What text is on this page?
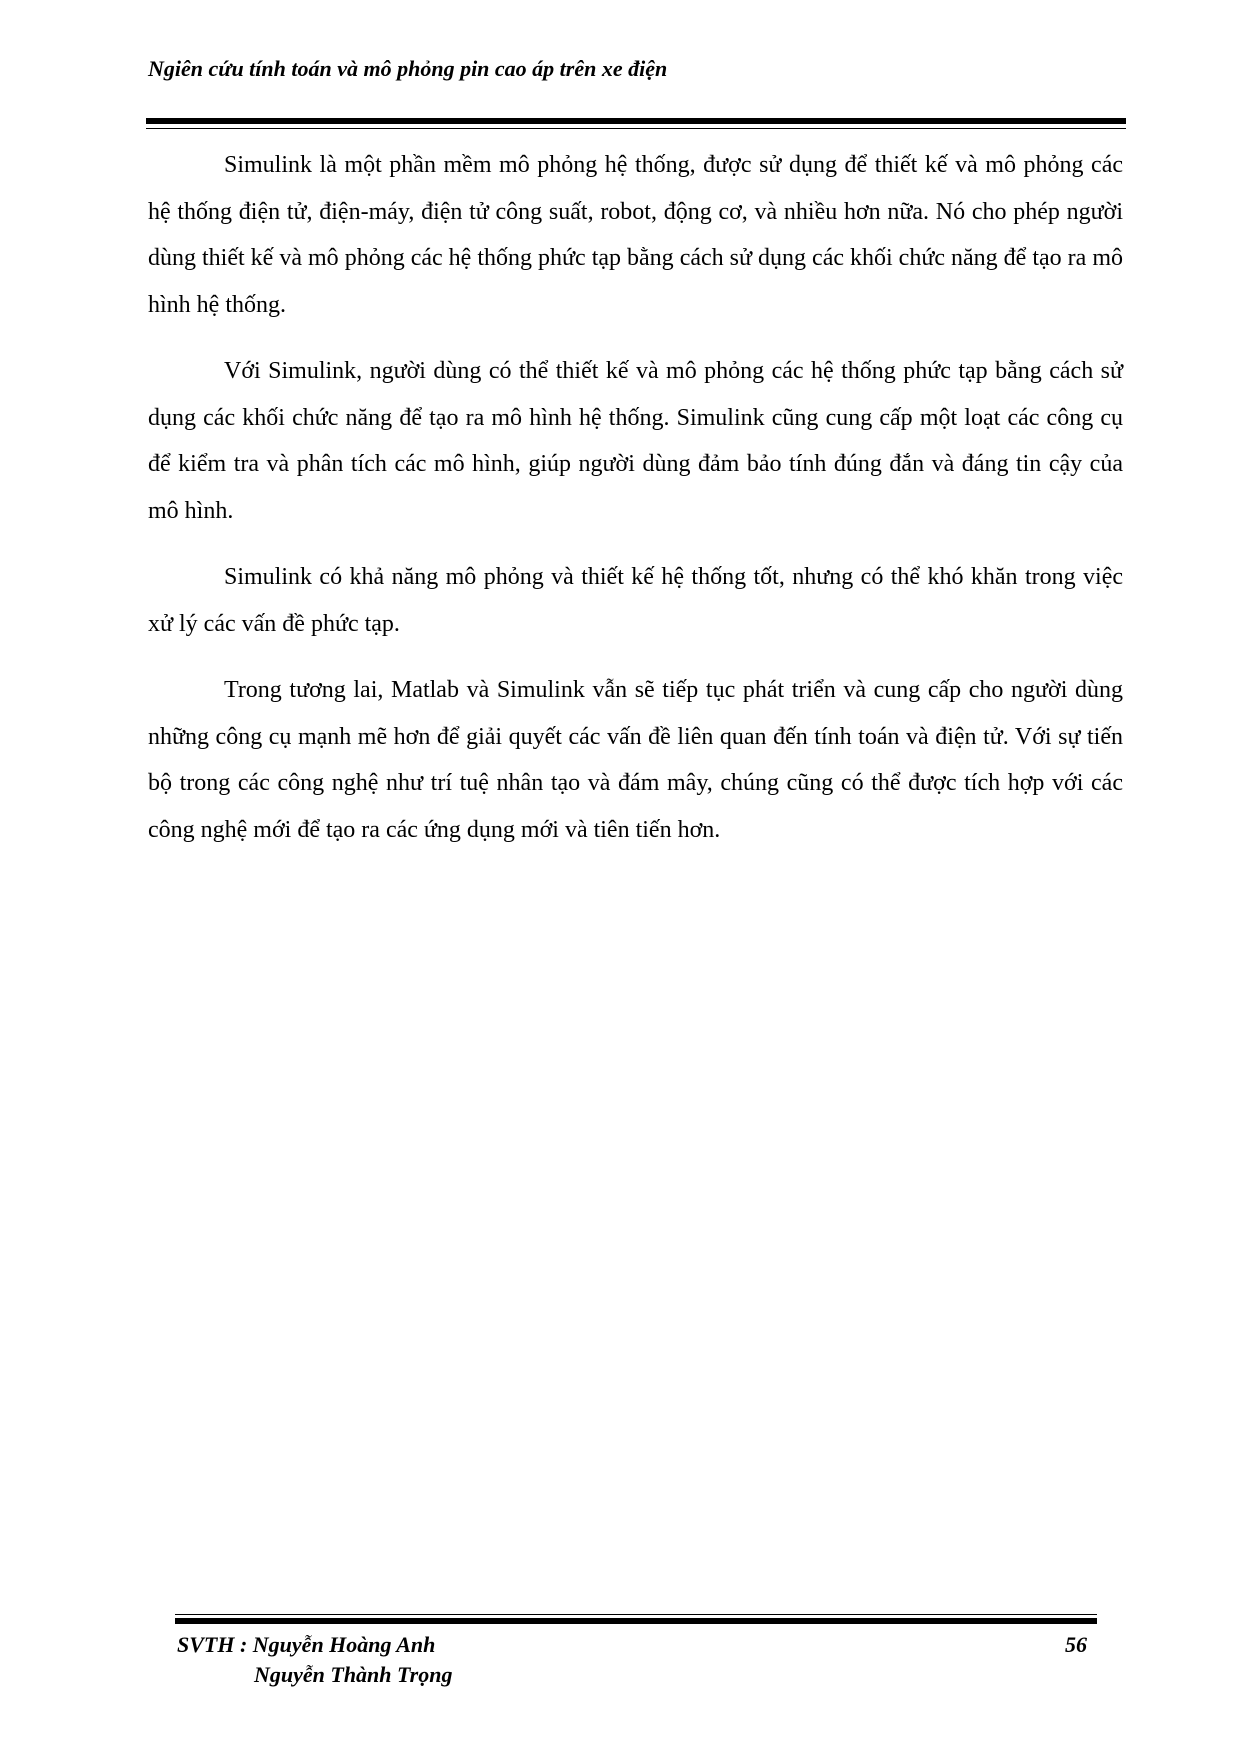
Ngiên cứu tính toán và mô phỏng pin cao áp trên xe điện

Simulink là một phần mềm mô phỏng hệ thống, được sử dụng để thiết kế và mô phỏng các hệ thống điện tử, điện-máy, điện tử công suất, robot, động cơ, và nhiều hơn nữa. Nó cho phép người dùng thiết kế và mô phỏng các hệ thống phức tạp bằng cách sử dụng các khối chức năng để tạo ra mô hình hệ thống.

Với Simulink, người dùng có thể thiết kế và mô phỏng các hệ thống phức tạp bằng cách sử dụng các khối chức năng để tạo ra mô hình hệ thống. Simulink cũng cung cấp một loạt các công cụ để kiểm tra và phân tích các mô hình, giúp người dùng đảm bảo tính đúng đắn và đáng tin cậy của mô hình.

Simulink có khả năng mô phỏng và thiết kế hệ thống tốt, nhưng có thể khó khăn trong việc xử lý các vấn đề phức tạp.

Trong tương lai, Matlab và Simulink vẫn sẽ tiếp tục phát triển và cung cấp cho người dùng những công cụ mạnh mẽ hơn để giải quyết các vấn đề liên quan đến tính toán và điện tử. Với sự tiến bộ trong các công nghệ như trí tuệ nhân tạo và đám mây, chúng cũng có thể được tích hợp với các công nghệ mới để tạo ra các ứng dụng mới và tiên tiến hơn.

SVTH : Nguyễn Hoàng Anh
Nguyễn Thành Trọng
56
